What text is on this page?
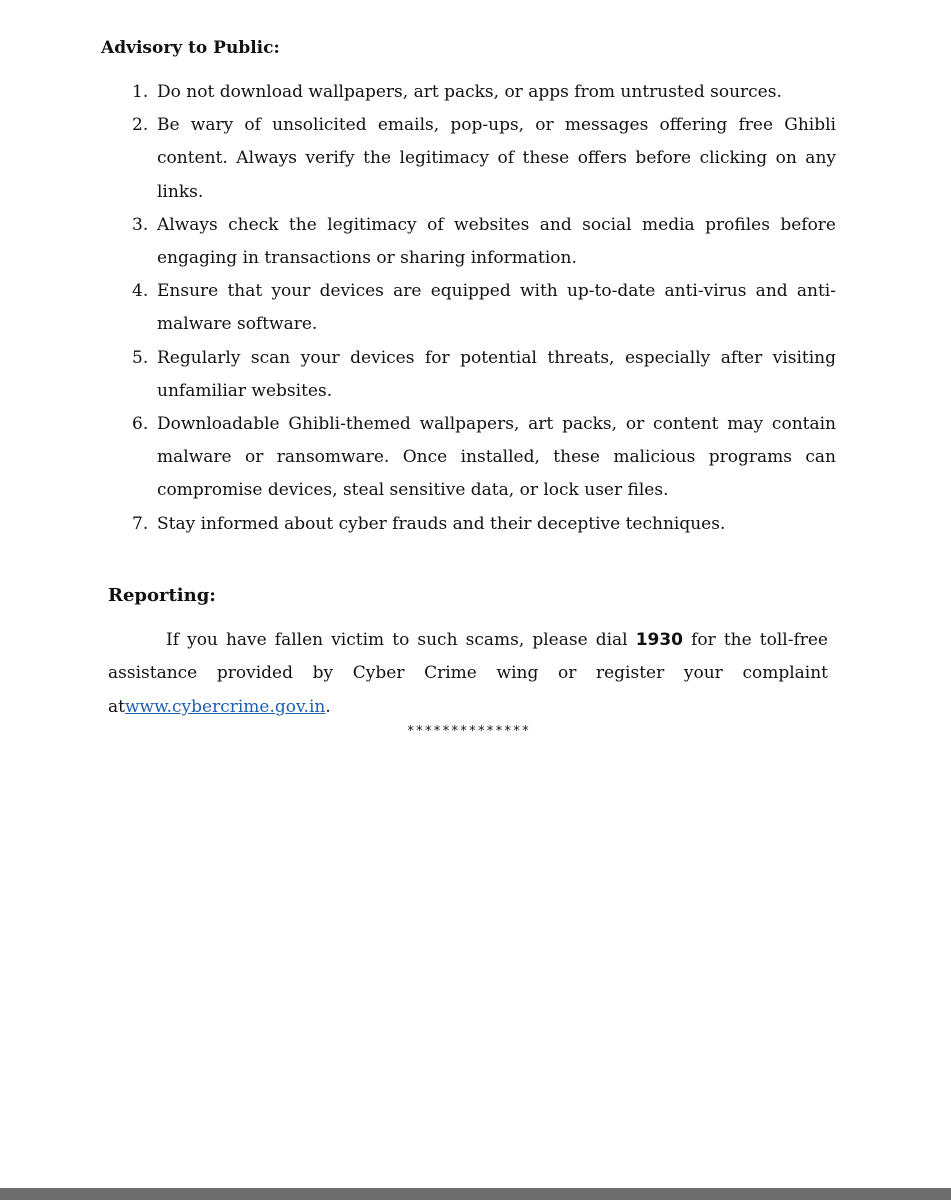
Advisory to Public:
1. Do not download wallpapers, art packs, or apps from untrusted sources.
2. Be wary of unsolicited emails, pop-ups, or messages offering free Ghibli content. Always verify the legitimacy of these offers before clicking on any links.
3. Always check the legitimacy of websites and social media profiles before engaging in transactions or sharing information.
4. Ensure that your devices are equipped with up-to-date anti-virus and anti-malware software.
5. Regularly scan your devices for potential threats, especially after visiting unfamiliar websites.
6. Downloadable Ghibli-themed wallpapers, art packs, or content may contain malware or ransomware. Once installed, these malicious programs can compromise devices, steal sensitive data, or lock user files.
7. Stay informed about cyber frauds and their deceptive techniques.
Reporting:

If you have fallen victim to such scams, please dial 1930 for the toll-free assistance provided by Cyber Crime wing or register your complaint atwww.cybercrime.gov.in.

**************
